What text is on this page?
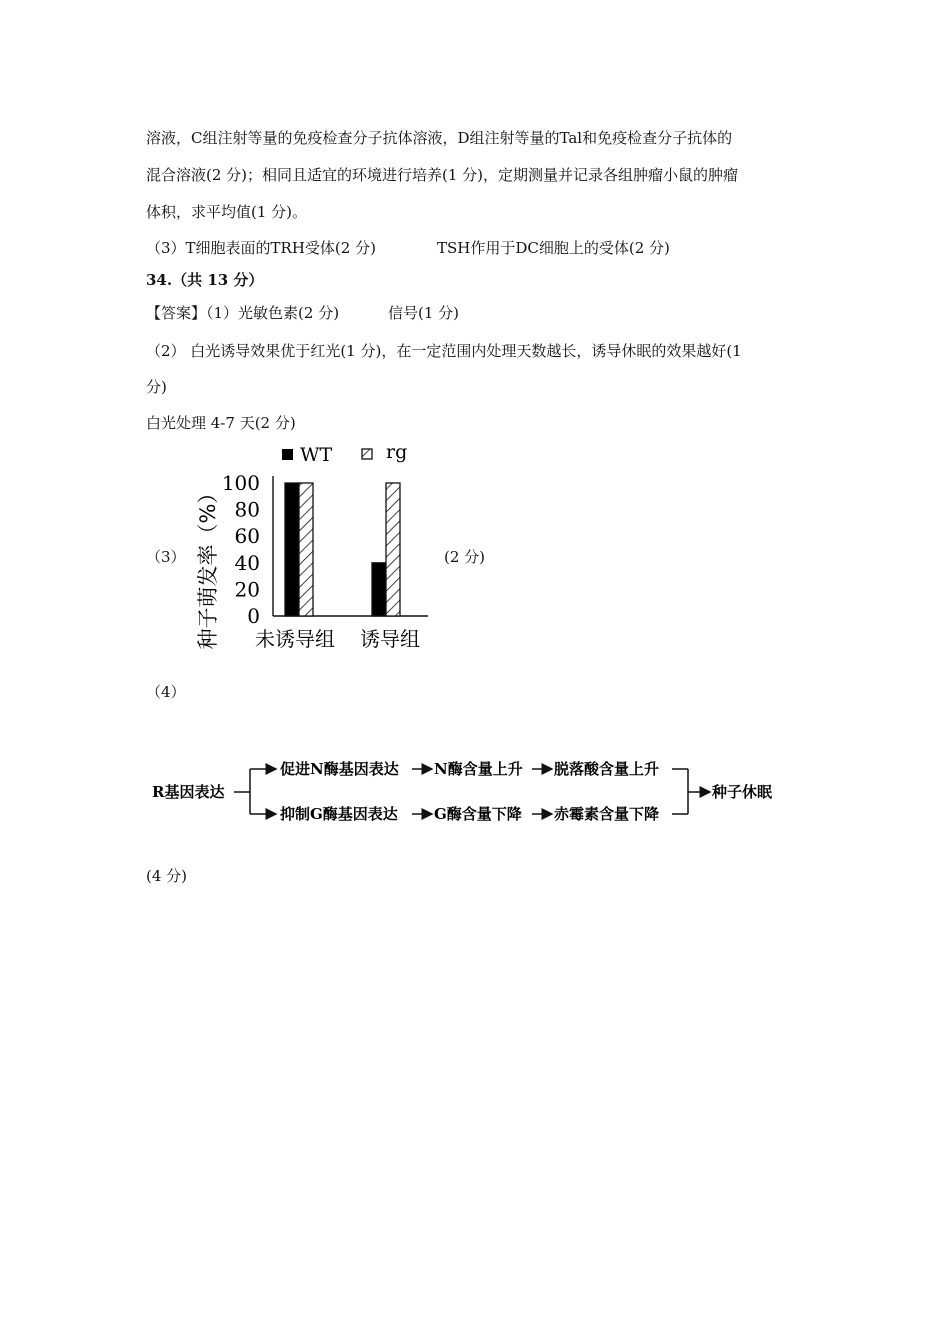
溶液，C组注射等量的免疫检查分子抗体溶液，D组注射等量的Tal和免疫检查分子抗体的
混合溶液(2 分)；相同且适宜的环境进行培养(1 分)，定期测量并记录各组肿瘤小鼠的肿瘤
体积，求平均值(1 分)。
（3）T细胞表面的TRH受体(2 分)	TSH作用于DC细胞上的受体(2 分)
34.（共 13 分）
【答案】（1）光敏色素(2 分)	信号(1 分)
（2） 白光诱导效果优于红光(1 分)，在一定范围内处理天数越长，诱导休眠的效果越好(1
分)
白光处理 4-7 天(2 分)
（3）	(2 分)
（4）
(4 分)
WT	rg
种子萌发率（%） 100
80
60
40
20
0
未诱导组 诱导组
R基因表达
促进N酶基因表达 N酶含量上升 脱落酸含量上升
抑制G酶基因表达 G酶含量下降 赤霉素含量下降
种子休眠
